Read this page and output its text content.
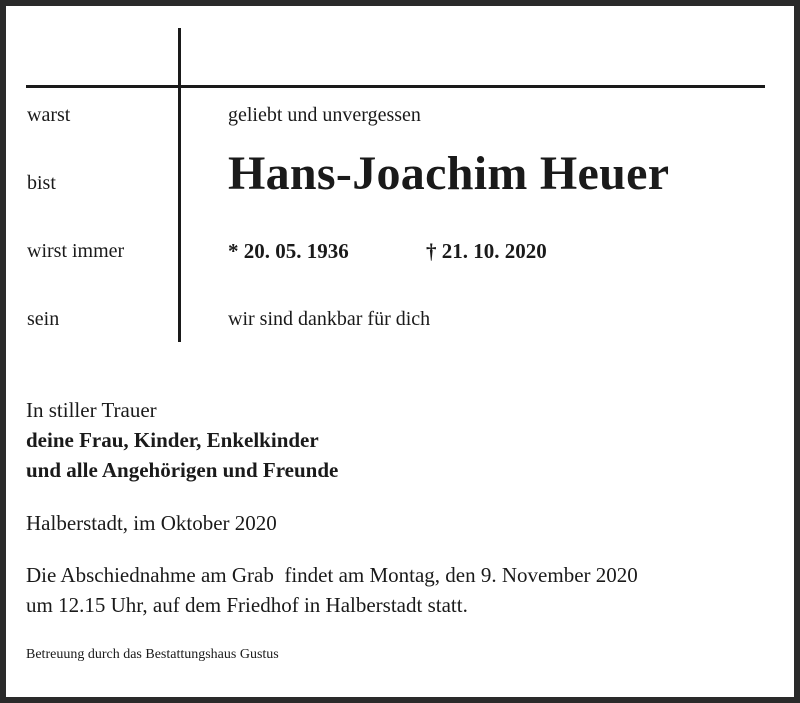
warst
bist
wirst immer
sein
geliebt und unvergessen
Hans-Joachim Heuer
* 20. 05. 1936	† 21. 10. 2020
wir sind dankbar für dich
In stiller Trauer
deine Frau, Kinder, Enkelkinder
und alle Angehörigen und Freunde
Halberstadt, im Oktober 2020
Die Abschiednahme am Grab  findet am Montag, den 9. November 2020
um 12.15 Uhr, auf dem Friedhof in Halberstadt statt.
Betreuung durch das Bestattungshaus Gustus
